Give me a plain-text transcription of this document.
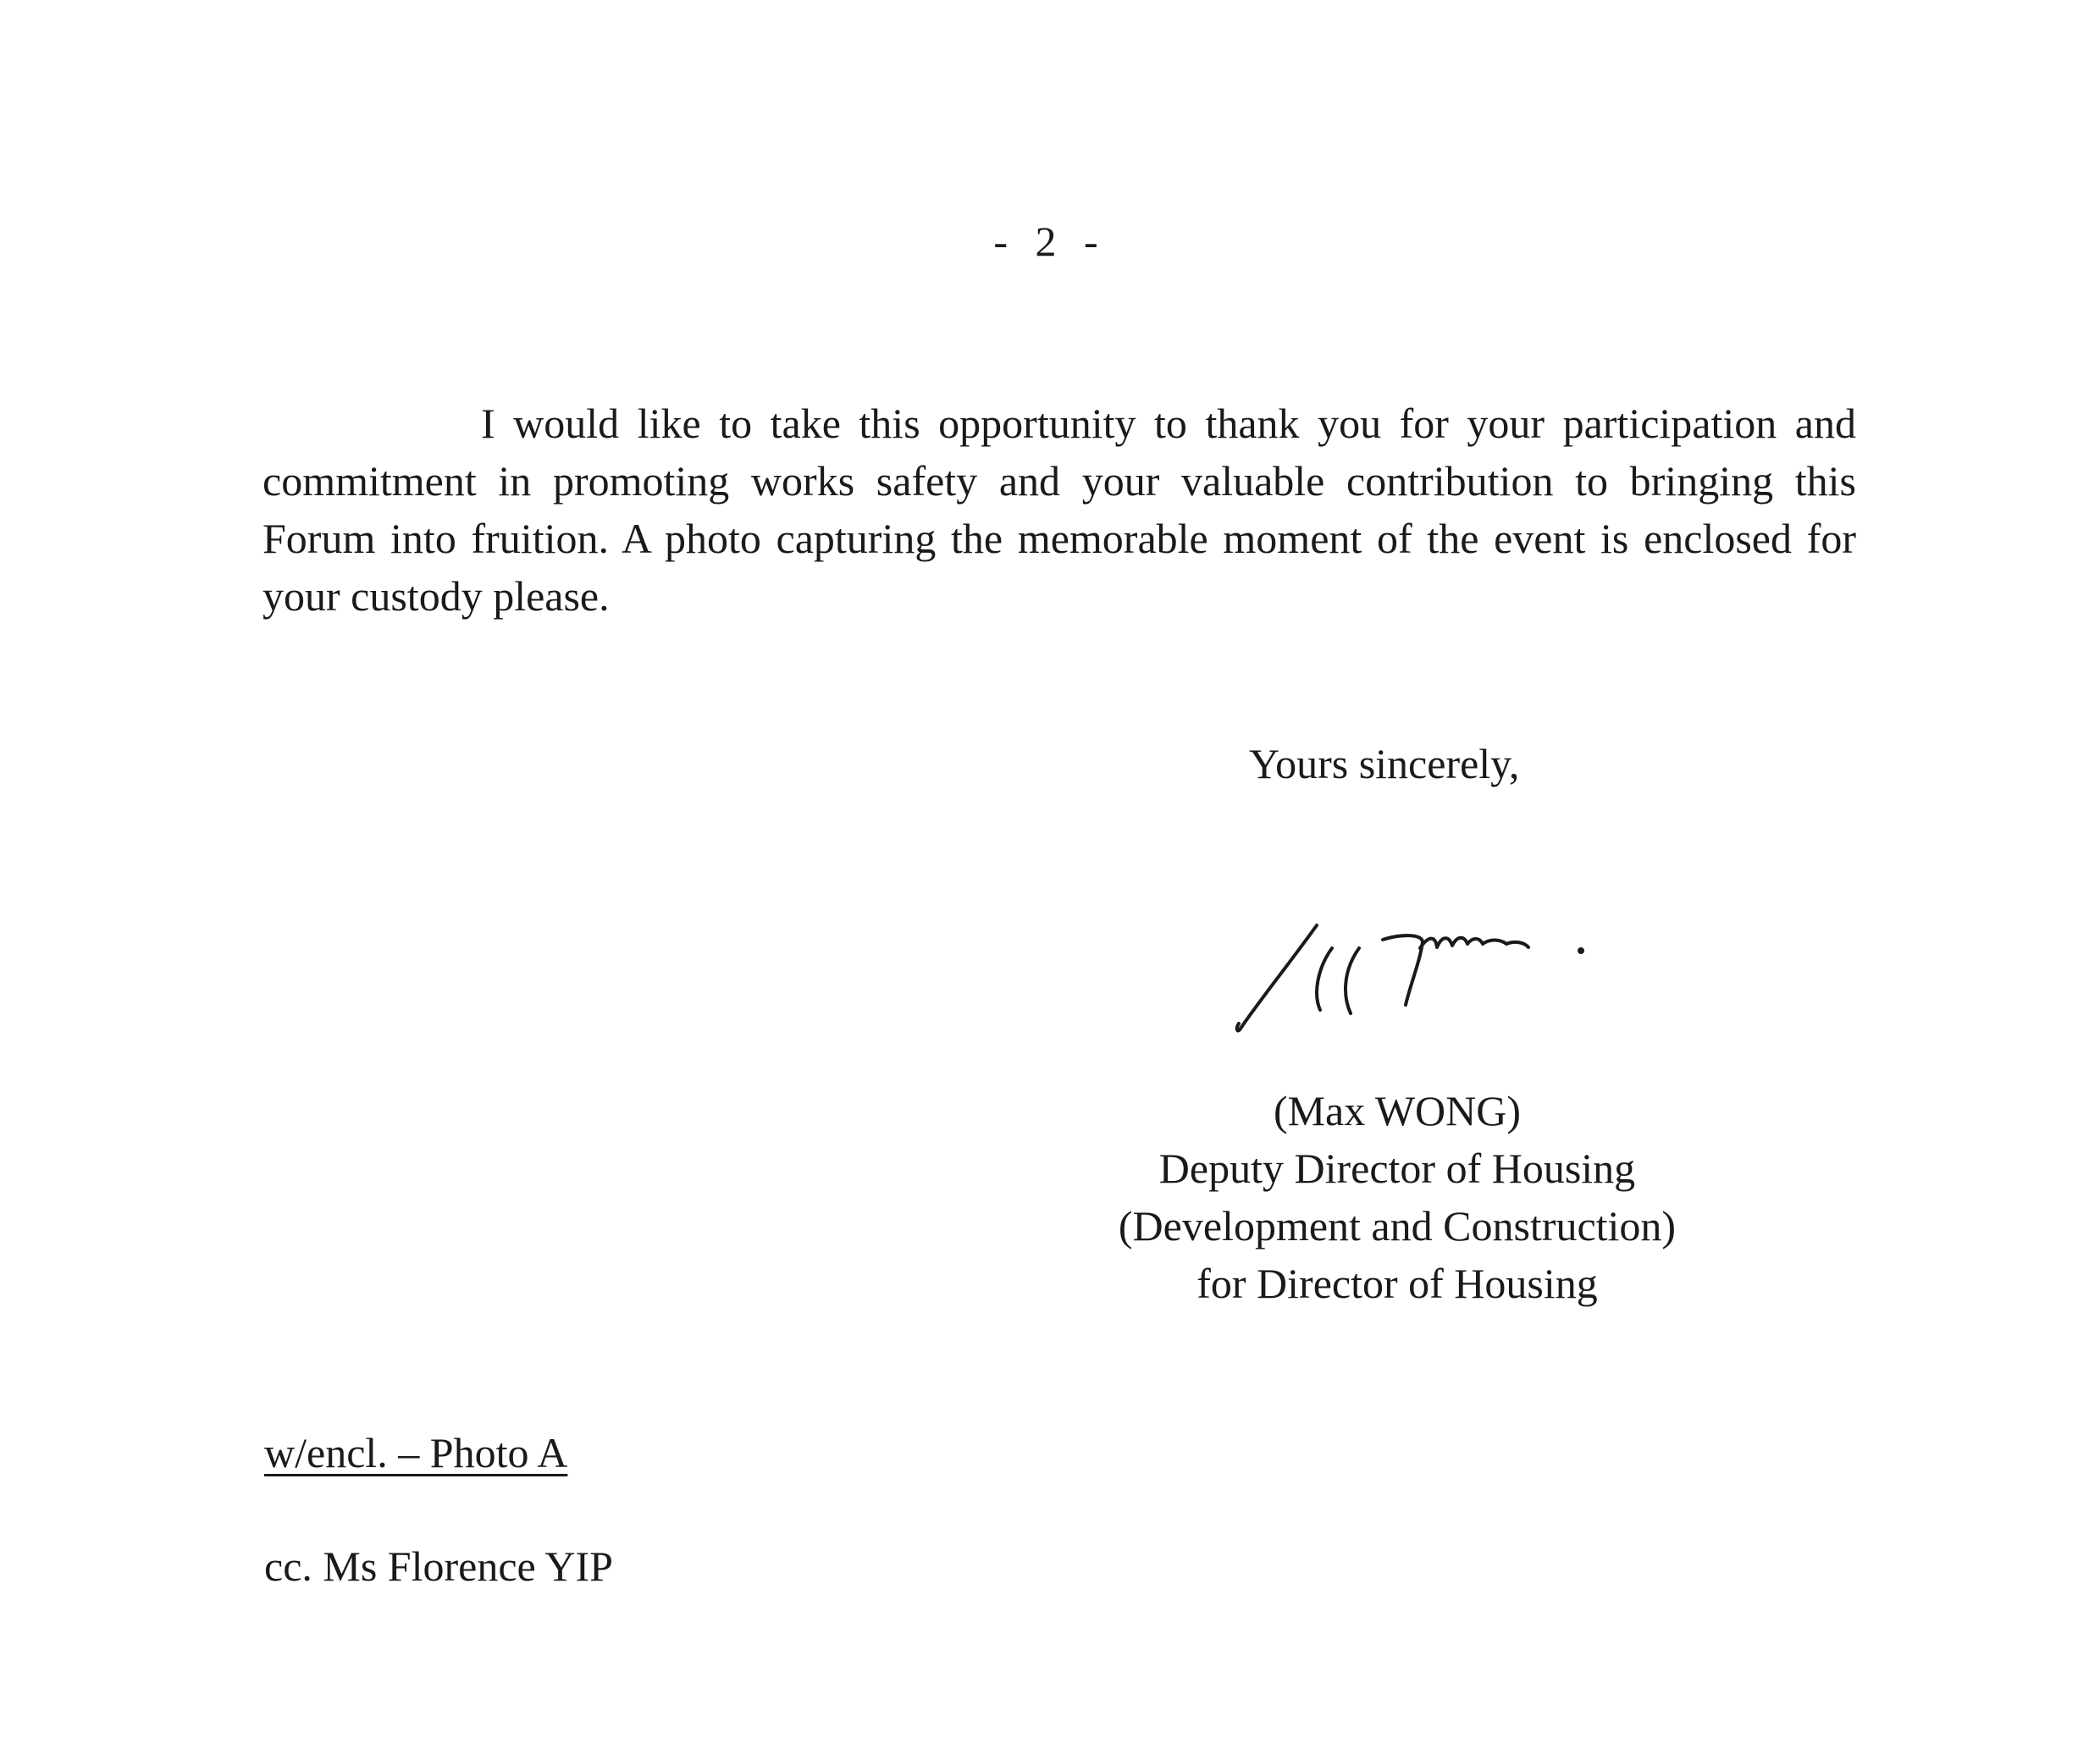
- 2 -

I would like to take this opportunity to thank you for your participation and commitment in promoting works safety and your valuable contribution to bringing this Forum into fruition. A photo capturing the memorable moment of the event is enclosed for your custody please.

Yours sincerely,
(Max WONG)
Deputy Director of Housing
(Development and Construction)
for Director of Housing
w/encl. – Photo A
cc. Ms Florence YIP
